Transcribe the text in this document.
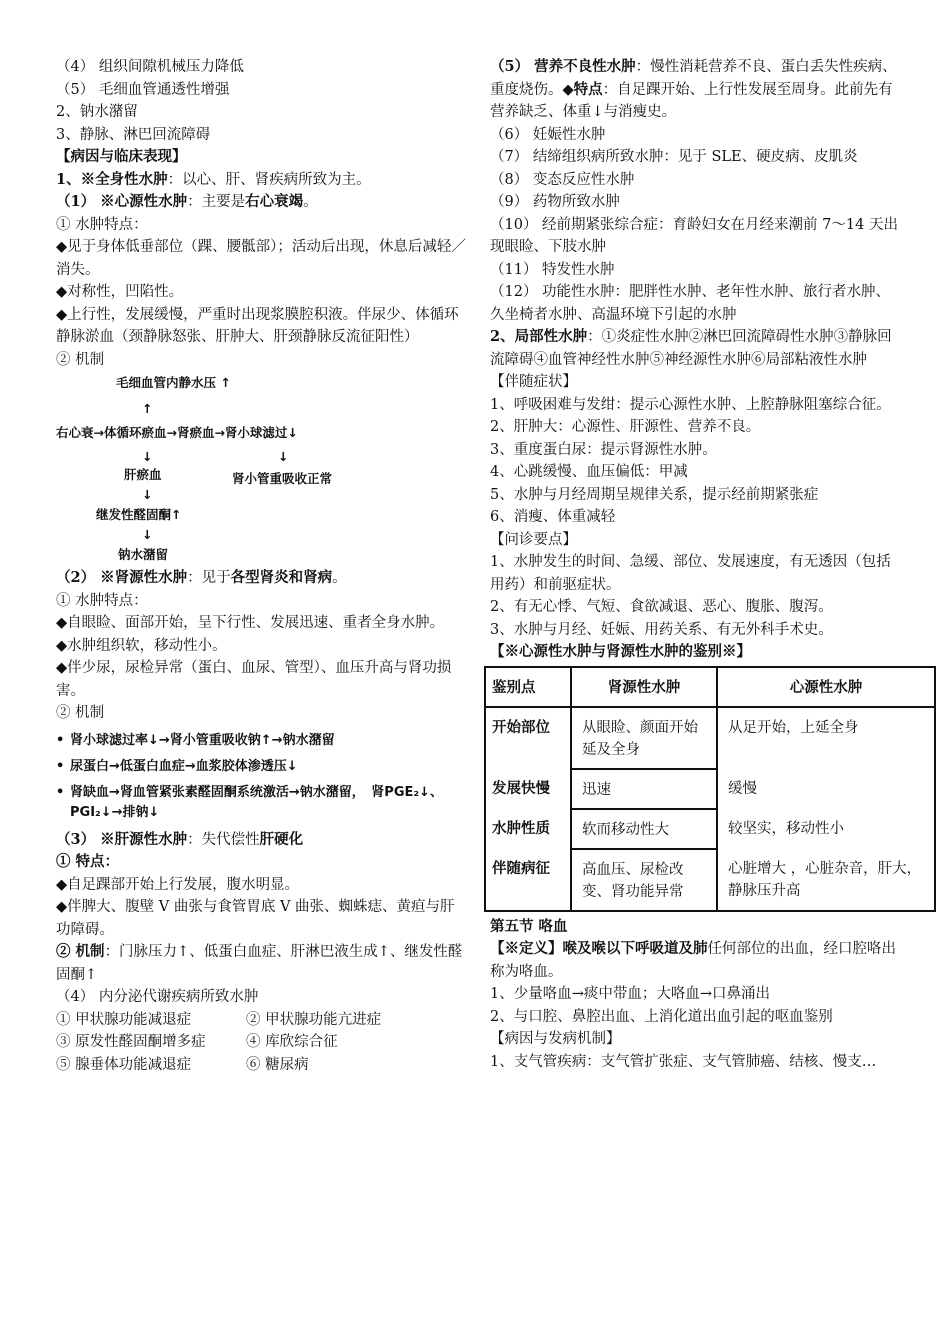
（4） 组织间隙机械压力降低

（5） 毛细血管通透性增强

2、钠水潴留

3、静脉、淋巴回流障碍

【病因与临床表现】

1、※全身性水肿：以心、肝、肾疾病所致为主。

（1） ※心源性水肿：主要是右心衰竭。

① 水肿特点：

◆见于身体低垂部位（踝、腰骶部）；活动后出现，休息后减轻／消失。

◆对称性，凹陷性。

◆上行性，发展缓慢，严重时出现浆膜腔积液。伴尿少、体循环静脉淤血（颈静脉怒张、肝肿大、肝颈静脉反流征阳性）

② 机制

毛细血管内静水压 ↑
↑
右心衰→体循环瘀血→肾瘀血→肾小球滤过↓
↓	↓
肝瘀血	肾小管重吸收正常
↓
继发性醛固酮↑
↓
钠水潴留

（2） ※肾源性水肿：见于各型肾炎和肾病。

① 水肿特点：

◆自眼睑、面部开始，呈下行性、发展迅速、重者全身水肿。

◆水肿组织软，移动性小。

◆伴少尿，尿检异常（蛋白、血尿、管型）、血压升高与肾功损害。

② 机制

• 肾小球滤过率↓→肾小管重吸收钠↑→钠水潴留

• 尿蛋白→低蛋白血症→血浆胶体渗透压↓

• 肾缺血→肾血管紧张素醛固酮系统激活→钠水潴留，　肾PGE₂↓、PGI₂↓→排钠↓

（3） ※肝源性水肿：失代偿性肝硬化

① 特点：

◆自足踝部开始上行发展，腹水明显。

◆伴脾大、腹壁 V 曲张与食管胃底 V 曲张、蜘蛛痣、黄疸与肝功障碍。

② 机制：门脉压力↑、低蛋白血症、肝淋巴液生成↑、继发性醛固酮↑

（4） 内分泌代谢疾病所致水肿

① 甲状腺功能减退症	② 甲状腺功能亢进症
③ 原发性醛固酮增多症	④ 库欣综合征
⑤ 腺垂体功能减退症	⑥ 糖尿病

（5） 营养不良性水肿：慢性消耗营养不良、蛋白丢失性疾病、重度烧伤。◆特点：自足踝开始、上行性发展至周身。此前先有营养缺乏、体重↓与消瘦史。

（6） 妊娠性水肿

（7） 结缔组织病所致水肿：见于 SLE、硬皮病、皮肌炎

（8） 变态反应性水肿

（9） 药物所致水肿

（10） 经前期紧张综合症：育龄妇女在月经来潮前 7～14 天出现眼睑、下肢水肿

（11） 特发性水肿

（12） 功能性水肿：肥胖性水肿、老年性水肿、旅行者水肿、久坐椅者水肿、高温环境下引起的水肿

2、局部性水肿：①炎症性水肿②淋巴回流障碍性水肿③静脉回流障碍④血管神经性水肿⑤神经源性水肿⑥局部粘液性水肿

【伴随症状】

1、呼吸困难与发绀：提示心源性水肿、上腔静脉阻塞综合征。

2、肝肿大：心源性、肝源性、营养不良。

3、重度蛋白尿：提示肾源性水肿。

4、心跳缓慢、血压偏低：甲减

5、水肿与月经周期呈规律关系，提示经前期紧张症

6、消瘦、体重减轻

【问诊要点】

1、水肿发生的时间、急缓、部位、发展速度，有无透因（包括用药）和前驱症状。

2、有无心悸、气短、食欲减退、恶心、腹胀、腹泻。

3、水肿与月经、妊娠、用药关系、有无外科手术史。

【※心源性水肿与肾源性水肿的鉴别※】

鉴别点	肾源性水肿	心源性水肿
开始部位	从眼睑、颜面开始延及全身	从足开始，上延全身
发展快慢	迅速	缓慢
水肿性质	软而移动性大	较坚实，移动性小
伴随病征	高血压、尿检改变、肾功能异常	心脏增大 ，心脏杂音，肝大，静脉压升高

第五节 咯血

【※定义】喉及喉以下呼吸道及肺任何部位的出血，经口腔咯出称为咯血。

1、少量咯血→痰中带血；大咯血→口鼻涌出

2、与口腔、鼻腔出血、上消化道出血引起的呕血鉴别

【病因与发病机制】

1、支气管疾病：支气管扩张症、支气管肺癌、结核、慢支…
